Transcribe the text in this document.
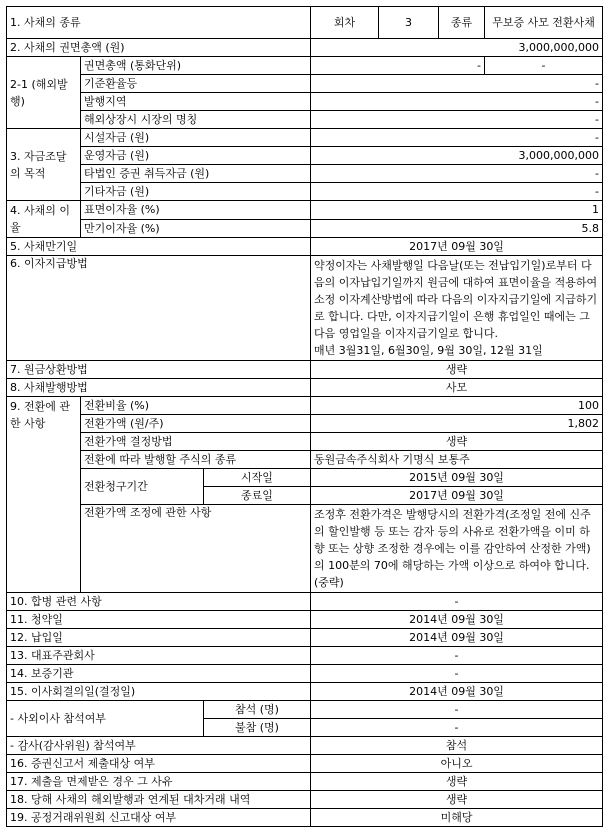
1. 사채의 종류			회차	3	종류	무보증 사모 전환사채
2. 사채의 권면총액 (원)			3,000,000,000			
2-1 (해외발행)	권면총액 (통화단위)		-			-
	기준환율등		-			
	발행지역		-			
	해외상장시 시장의 명칭		-			
3. 자금조달의 목적	시설자금 (원)		-			
	운영자금 (원)		3,000,000,000			
	타법인 증권 취득자금 (원)		-			
	기타자금 (원)		-			
4. 사채의 이율	표면이자율 (%)		1			
	만기이자율 (%)		5.8			
5. 사채만기일			2017년 09월 30일			
6. 이자지급방법			약정이자는 사채발행일 다음날(또는 전납입기일)로부터 다음의 이자납입기일까지 원금에 대하여 표면이율을 적용하여 소정 이자계산방법에 따라 다음의 이자지급기일에 지급하기로 합니다. 다만, 이자지급기일이 은행 휴업일인 때에는 그 다음 영업일을 이자지급기일로 합니다.
매년 3월31일, 6월30일, 9월 30일, 12월 31일			

7. 원금상환방법			생략			
8. 사채발행방법			사모			
9. 전환에 관한 사항	전환비율 (%)		100			
	전환가액 (원/주)		1,802			
	전환가액 결정방법		생략			
	전환에 따라 발행할 주식의 종류		동원금속주식회사 기명식 보통주			
	전환청구기간	시작일	2015년 09월 30일			
		종료일	2017년 09월 30일			
	전환가액 조정에 관한 사항		조정후 전환가격은 발행당시의 전환가격(조정일 전에 신주의 할인발행 등 또는 감자 등의 사유로 전환가액을 이미 하향 또는 상향 조정한 경우에는 이를 감안하여 산정한 가액)의 100분의 70에 해당하는 가액 이상으로 하여야 합니다. (중략)			
10. 합병 관련 사항			-			
11. 청약일			2014년 09월 30일			
12. 납입일			2014년 09월 30일			
13. 대표주관회사			-			
14. 보증기관			-			
15. 이사회결의일(결정일)			2014년 09월 30일			
- 사외이사 참석여부		참석 (명)	-			
		불참 (명)	-			
- 감사(감사위원) 참석여부			참석			
16. 증권신고서 제출대상 여부			아니오			
17. 제출을 면제받은 경우 그 사유			생략			
18. 당해 사채의 해외발행과 연계된 대차거래 내역			생략			
19. 공정거래위원회 신고대상 여부			미해당			
